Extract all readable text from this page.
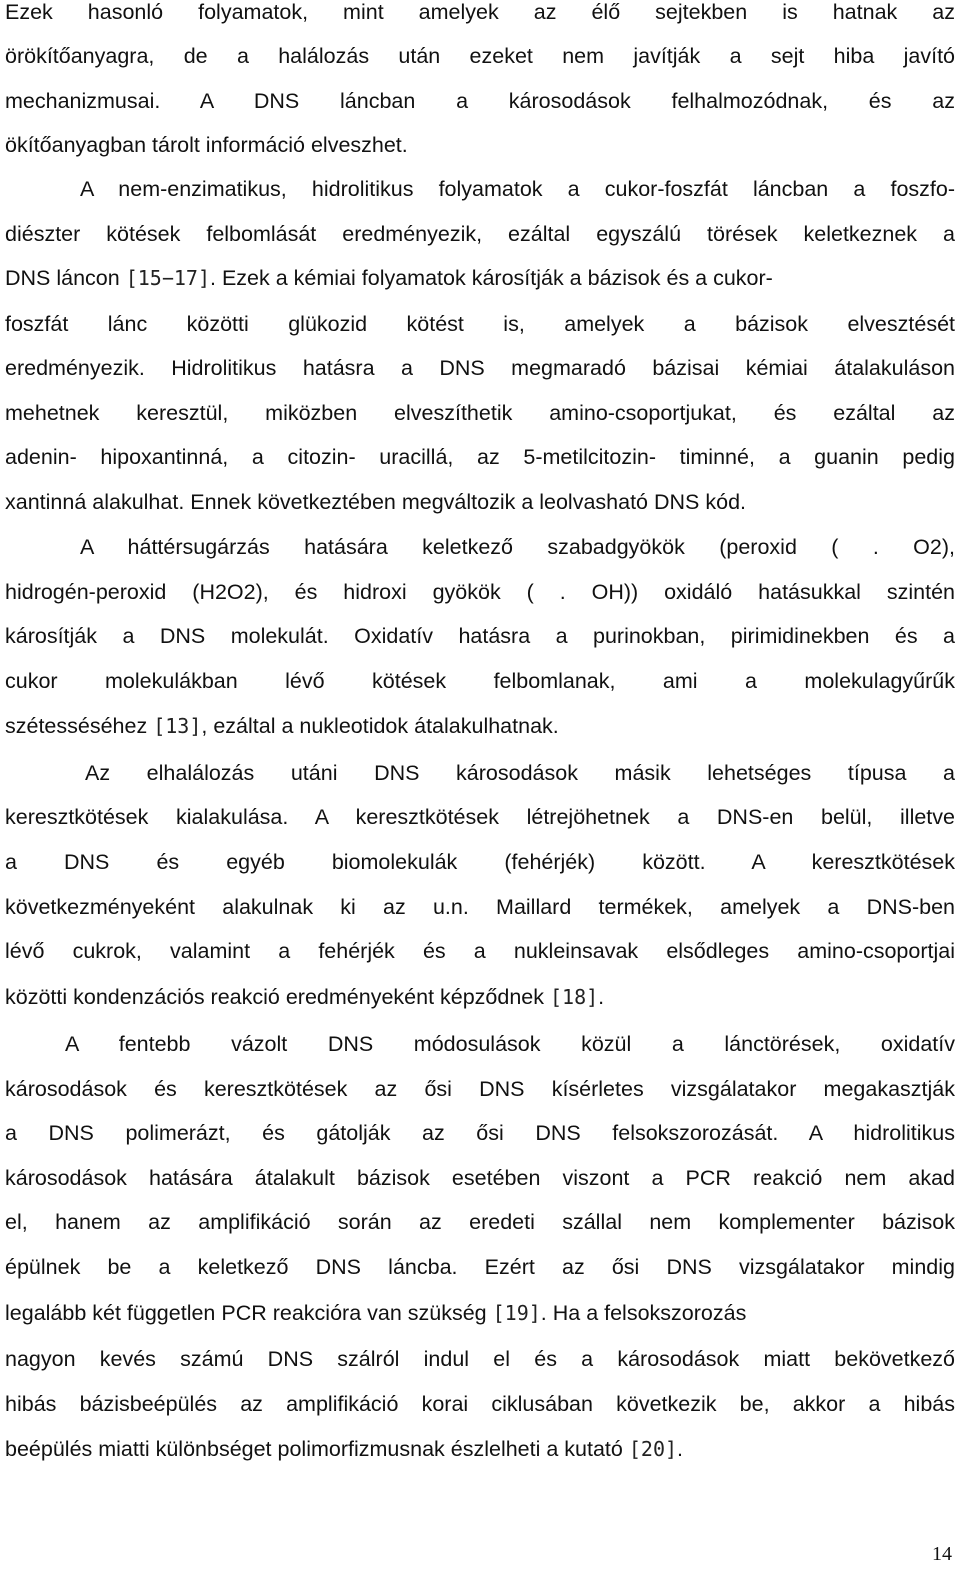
Ezek hasonló folyamatok, mint amelyek az élő sejtekben is hatnak az
örökítőanyagra, de a halálozás után ezeket nem javítják a sejt hiba javító
mechanizmusai. A DNS láncban a károsodások felhalmozódnak, és az
ökítőanyagban tárolt információ elveszhet.
A nem-enzimatikus, hidrolitikus folyamatok a cukor-foszfát láncban a foszfo-
diészter kötések felbomlását eredményezik, ezáltal egyszálú törések keletkeznek a
DNS láncon [15−17]. Ezek a kémiai folyamatok károsítják a bázisok és a cukor-
foszfát lánc közötti glükozid kötést is, amelyek a bázisok elvesztését
eredményezik. Hidrolitikus hatásra a DNS megmaradó bázisai kémiai átalakuláson
mehetnek keresztül, miközben elveszíthetik amino-csoportjukat, és ezáltal az
adenin- hipoxantinná, a citozin- uracillá, az 5-metilcitozin- timinné, a guanin pedig
xantinná alakulhat. Ennek következtében megváltozik a leolvasható DNS kód.
A háttérsugárzás hatására keletkező szabadgyökök (peroxid ( . O2),
hidrogén-peroxid (H2O2), és hidroxi gyökök ( . OH)) oxidáló hatásukkal szintén
károsítják a DNS molekulát. Oxidatív hatásra a purinokban, pirimidinekben és a
cukor molekulákban lévő kötések felbomlanak, ami a molekulagyűrűk
szétesséséhez [13], ezáltal a nukleotidok átalakulhatnak.
Az elhalálozás utáni DNS károsodások másik lehetséges típusa a
keresztkötések kialakulása. A keresztkötések létrejöhetnek a DNS-en belül, illetve
a DNS és egyéb biomolekulák (fehérjék) között. A keresztkötések
következményeként alakulnak ki az u.n. Maillard termékek, amelyek a DNS-ben
lévő cukrok, valamint a fehérjék és a nukleinsavak elsődleges amino-csoportjai
közötti kondenzációs reakció eredményeként képződnek [18].
A fentebb vázolt DNS módosulások közül a lánctörések, oxidatív
károsodások és keresztkötések az ősi DNS kísérletes vizsgálatakor megakasztják
a DNS polimerázt, és gátolják az ősi DNS felsokszorozását. A hidrolitikus
károsodások hatására átalakult bázisok esetében viszont a PCR reakció nem akad
el, hanem az amplifikáció során az eredeti szállal nem komplementer bázisok
épülnek be a keletkező DNS láncba. Ezért az ősi DNS vizsgálatakor mindig
legalább két független PCR reakcióra van szükség [19]. Ha a felsokszorozás
nagyon kevés számú DNS szálról indul el és a károsodások miatt bekövetkező
hibás bázisbeépülés az amplifikáció korai ciklusában következik be, akkor a hibás
beépülés miatti különbséget polimorfizmusnak észlelheti a kutató [20].
14
